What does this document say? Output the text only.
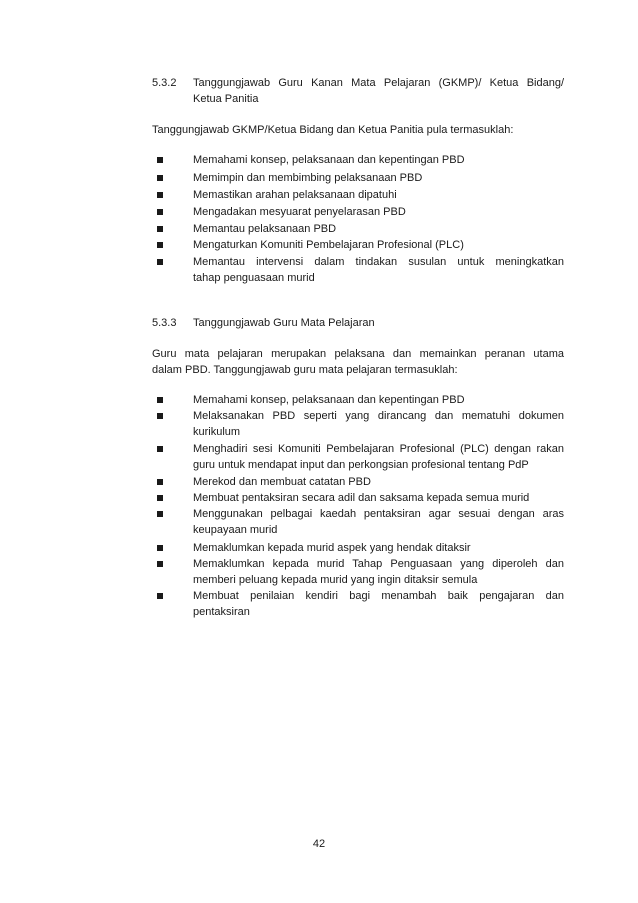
5.3.2 Tanggungjawab Guru Kanan Mata Pelajaran (GKMP)/ Ketua Bidang/
Ketua Panitia
Tanggungjawab GKMP/Ketua Bidang dan Ketua Panitia pula termasuklah:
Memahami konsep, pelaksanaan dan kepentingan PBD
Memimpin dan membimbing pelaksanaan PBD
Memastikan arahan pelaksanaan dipatuhi
Mengadakan mesyuarat penyelarasan PBD
Memantau pelaksanaan PBD
Mengaturkan Komuniti Pembelajaran Profesional (PLC)
Memantau intervensi dalam tindakan susulan untuk meningkatkan
tahap penguasaan murid
5.3.3 Tanggungjawab Guru Mata Pelajaran
Guru mata pelajaran merupakan pelaksana dan memainkan peranan utama
dalam PBD. Tanggungjawab guru mata pelajaran termasuklah:
Memahami konsep, pelaksanaan dan kepentingan PBD
Melaksanakan PBD seperti yang dirancang dan mematuhi dokumen
kurikulum
Menghadiri sesi Komuniti Pembelajaran Profesional (PLC) dengan rakan
guru untuk mendapat input dan perkongsian profesional tentang PdP
Merekod dan membuat catatan PBD
Membuat pentaksiran secara adil dan saksama kepada semua murid
Menggunakan pelbagai kaedah pentaksiran agar sesuai dengan aras
keupayaan murid
Memaklumkan kepada murid aspek yang hendak ditaksir
Memaklumkan kepada murid Tahap Penguasaan yang diperoleh dan
memberi peluang kepada murid yang ingin ditaksir semula
Membuat penilaian kendiri bagi menambah baik pengajaran dan
pentaksiran
42
